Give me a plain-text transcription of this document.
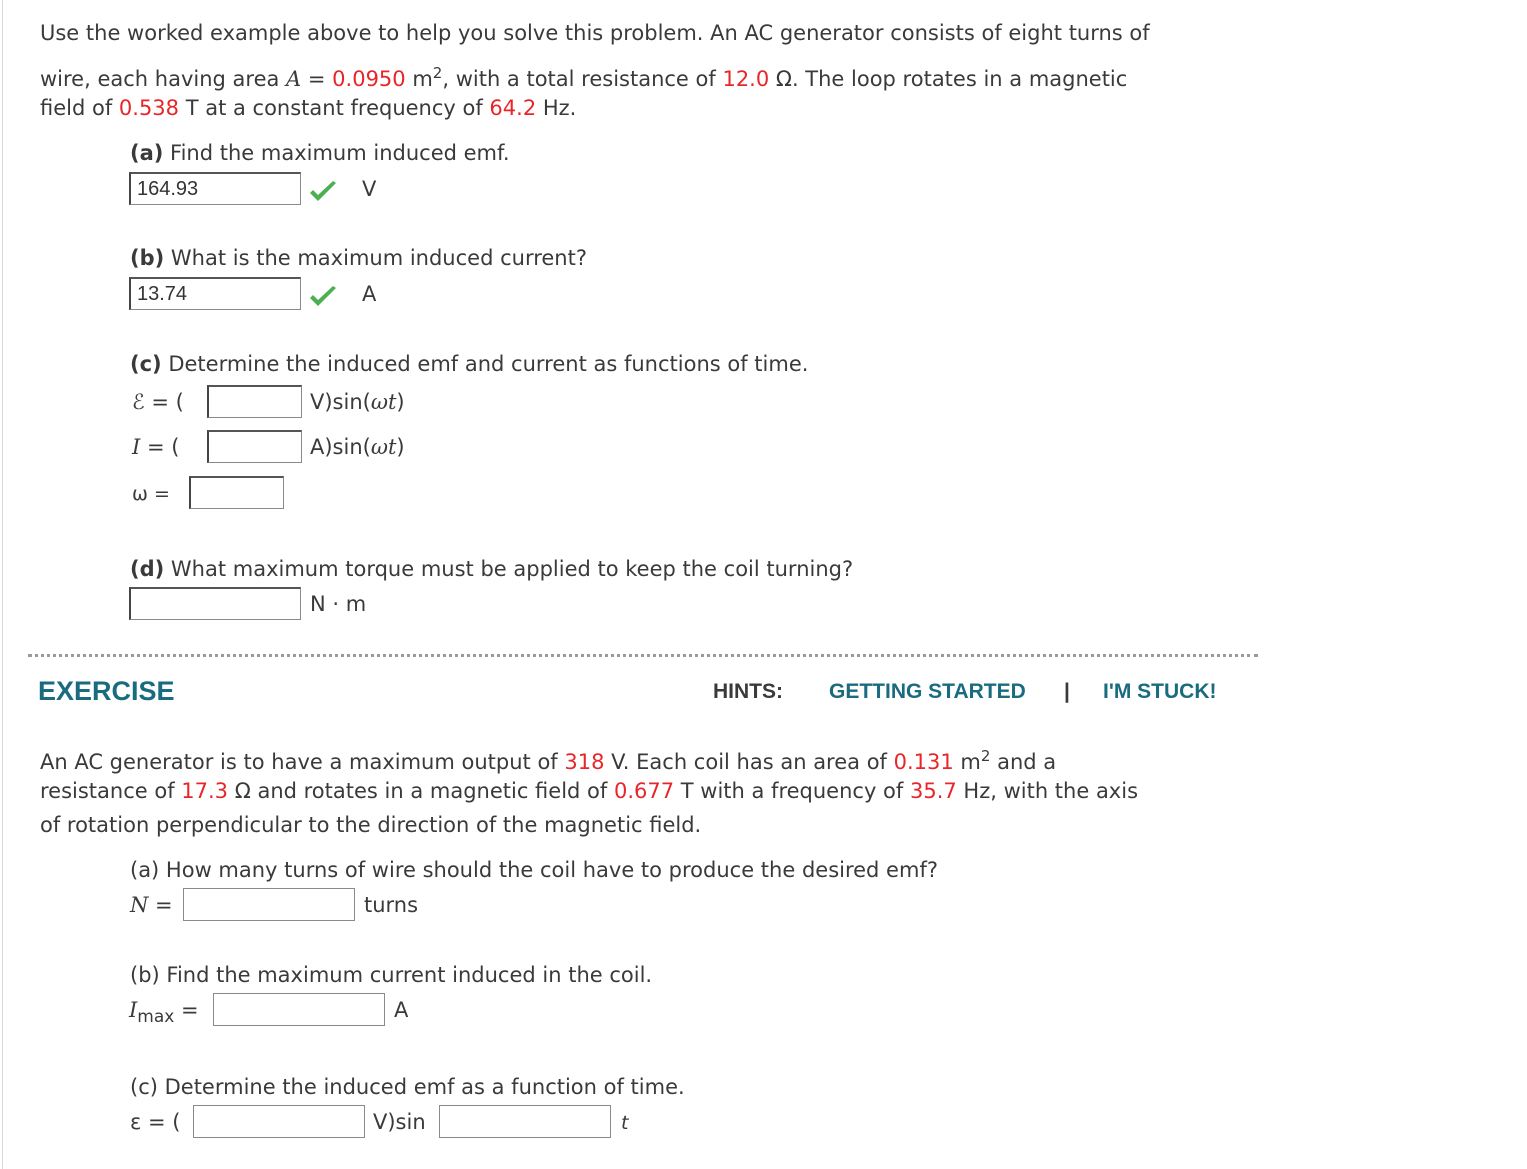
Use the worked example above to help you solve this problem. An AC generator consists of eight turns of
wire, each having area A = 0.0950 $m^2$, with a total resistance of 12.0 Ω. The loop rotates in a magnetic
field of 0.538 T at a constant frequency of 64.2 Hz.
(a) Find the maximum induced emf.
164.93	V
(b) What is the maximum induced current?
13.74	A
(c) Determine the induced emf and current as functions of time.
ℰ = (	V)sin(ωt)
I = (	A)sin(ωt)
ω =
(d) What maximum torque must be applied to keep the coil turning?
N · m
EXERCISE	HINTS: GETTING STARTED | I'M STUCK!
An AC generator is to have a maximum output of 318 V. Each coil has an area of 0.131 $m^2$ and a
resistance of 17.3 Ω and rotates in a magnetic field of 0.677 T with a frequency of 35.7 Hz, with the axis
of rotation perpendicular to the direction of the magnetic field.
(a) How many turns of wire should the coil have to produce the desired emf?
N =	turns
(b) Find the maximum current induced in the coil.
$I_{max}$ =	A
(c) Determine the induced emf as a function of time.
ε = (	V)sin	t
